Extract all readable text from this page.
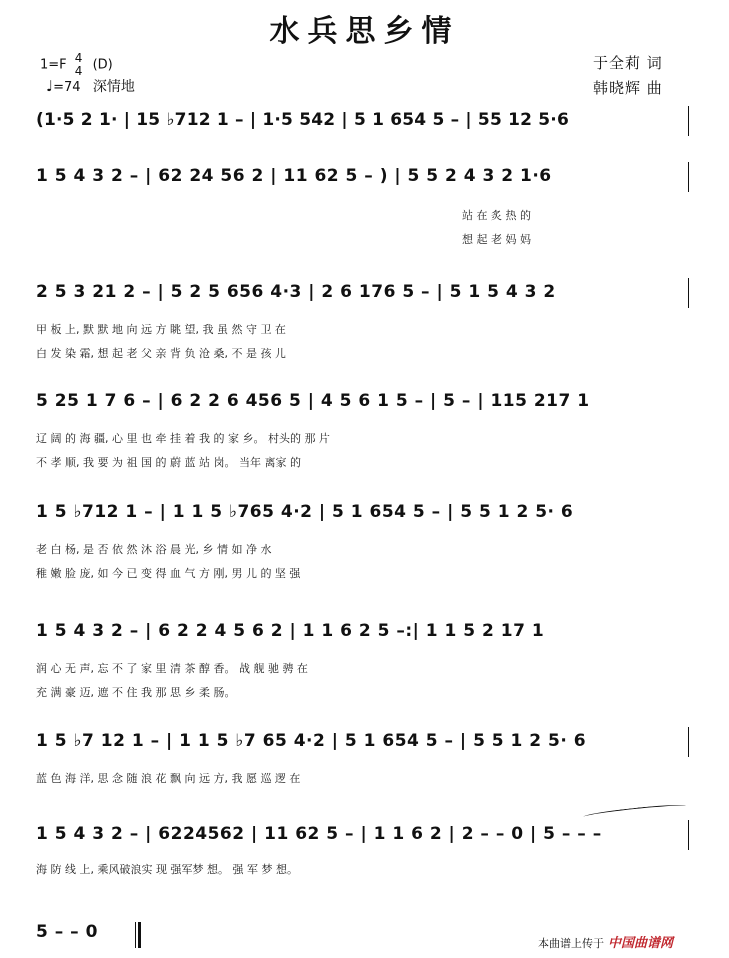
水兵思乡情
1=F 4
4 (D)
♩=74 深情地
于全莉 词
韩晓辉 曲
(1·5 2 1· | 15 ♭712 1 – | 1·5 542 | 5 1 654 5 – | 55 12 5·6
1 5 4 3 2 – | 62 24 56 2 | 11 62 5 – ) | 5 5 2 4 3 2 1·6
站 在 炙 热 的
想 起 老 妈 妈
2 5 3 21 2 – | 5 2 5 656 4·3 | 2 6 176 5 – | 5 1 5 4 3 2
甲 板 上, 默 默 地 向 远 方 眺 望, 我 虽 然 守 卫 在
白 发 染 霜, 想 起 老 父 亲 背 负 沧 桑, 不 是 孩 儿
5 25 1 7 6 – | 6 2 2 6 456 5 | 4 5 6 1 5 – | 5 – | 115 217 1
辽 阔 的 海 疆, 心 里 也 牵 挂 着 我 的 家 乡。 村头的 那 片
不 孝 顺, 我 要 为 祖 国 的 蔚 蓝 站 岗。 当年 离家 的
1 5 ♭712 1 – | 1 1 5 ♭765 4·2 | 5 1 654 5 – | 5 5 1 2 5· 6
老 白 杨, 是 否 依 然 沐 浴 晨 光, 乡 情 如 净 水
稚 嫩 脸 庞, 如 今 已 变 得 血 气 方 刚, 男 儿 的 坚 强
1 5 4 3 2 – | 6 2 2 4 5 6 2 | 1 1 6 2 5 –:| 1 1 5 2 17 1
润 心 无 声, 忘 不 了 家 里 清 茶 醇 香。 战 舰 驰 骋 在
充 满 豪 迈, 遮 不 住 我 那 思 乡 柔 肠。
1 5 ♭7 12 1 – | 1 1 5 ♭7 65 4·2 | 5 1 654 5 – | 5 5 1 2 5· 6
蓝 色 海 洋, 思 念 随 浪 花 飘 向 远 方, 我 愿 巡 逻 在
1 5 4 3 2 – | 6224562 | 11 62 5 – | 1 1 6 2 | 2 – – 0 | 5 – – –
海 防 线 上, 乘风破浪实 现 强军梦 想。 强 军 梦 想。
5 – – 0
本曲谱上传于 中国曲谱网
